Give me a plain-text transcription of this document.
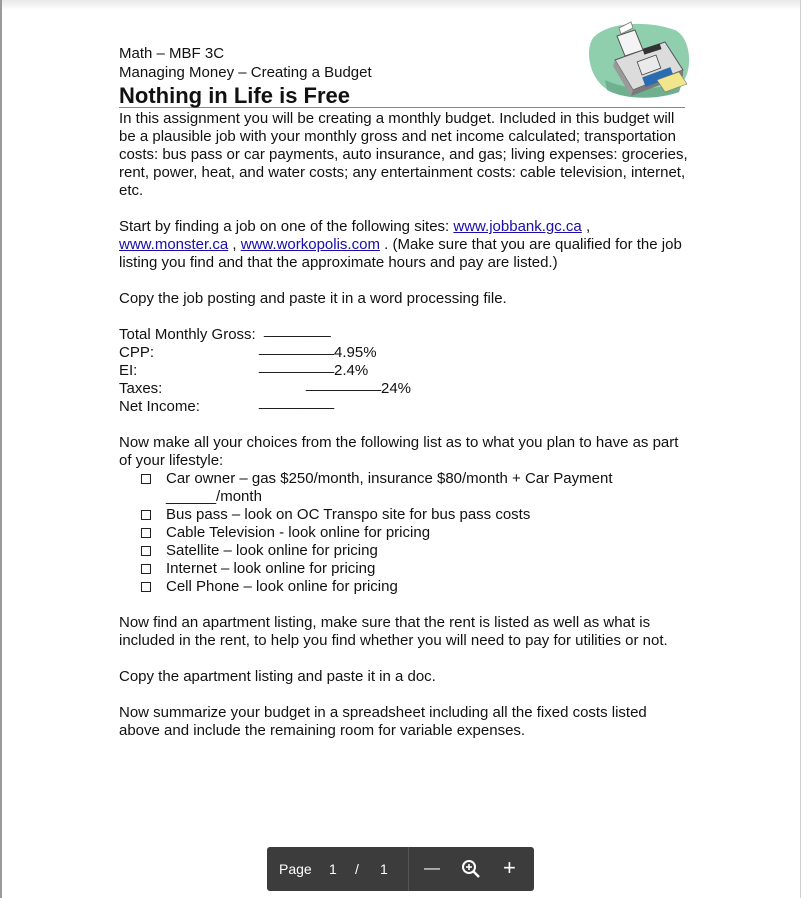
Math – MBF 3C
Managing Money – Creating a Budget
Nothing in Life is Free

In this assignment you will be creating a monthly budget. Included in this budget will be a plausible job with your monthly gross and net income calculated; transportation costs: bus pass or car payments, auto insurance, and gas; living expenses: groceries, rent, power, heat, and water costs; any entertainment costs: cable television, internet, etc.

Start by finding a job on one of the following sites: www.jobbank.gc.ca ,
www.monster.ca , www.workopolis.com . (Make sure that you are qualified for the job listing you find and that the approximate hours and pay are listed.)

Copy the job posting and paste it in a word processing file.

Total Monthly Gross: ________
CPP:	_________ 4.95%
EI:	_________ 2.4%
Taxes:	_________ 24%
Net Income:	_________

Now make all your choices from the following list as to what you plan to have as part of your lifestyle:

Car owner – gas $250/month, insurance $80/month + Car Payment ______/month
Bus pass – look on OC Transpo site for bus pass costs
Cable Television - look online for pricing
Satellite – look online for pricing
Internet – look online for pricing
Cell Phone – look online for pricing

Now find an apartment listing, make sure that the rent is listed as well as what is included in the rent, to help you find whether you will need to pay for utilities or not.

Copy the apartment listing and paste it in a doc.

Now summarize your budget in a spreadsheet including all the fixed costs listed above and include the remaining room for variable expenses.

Page 1 / 1 —	+
